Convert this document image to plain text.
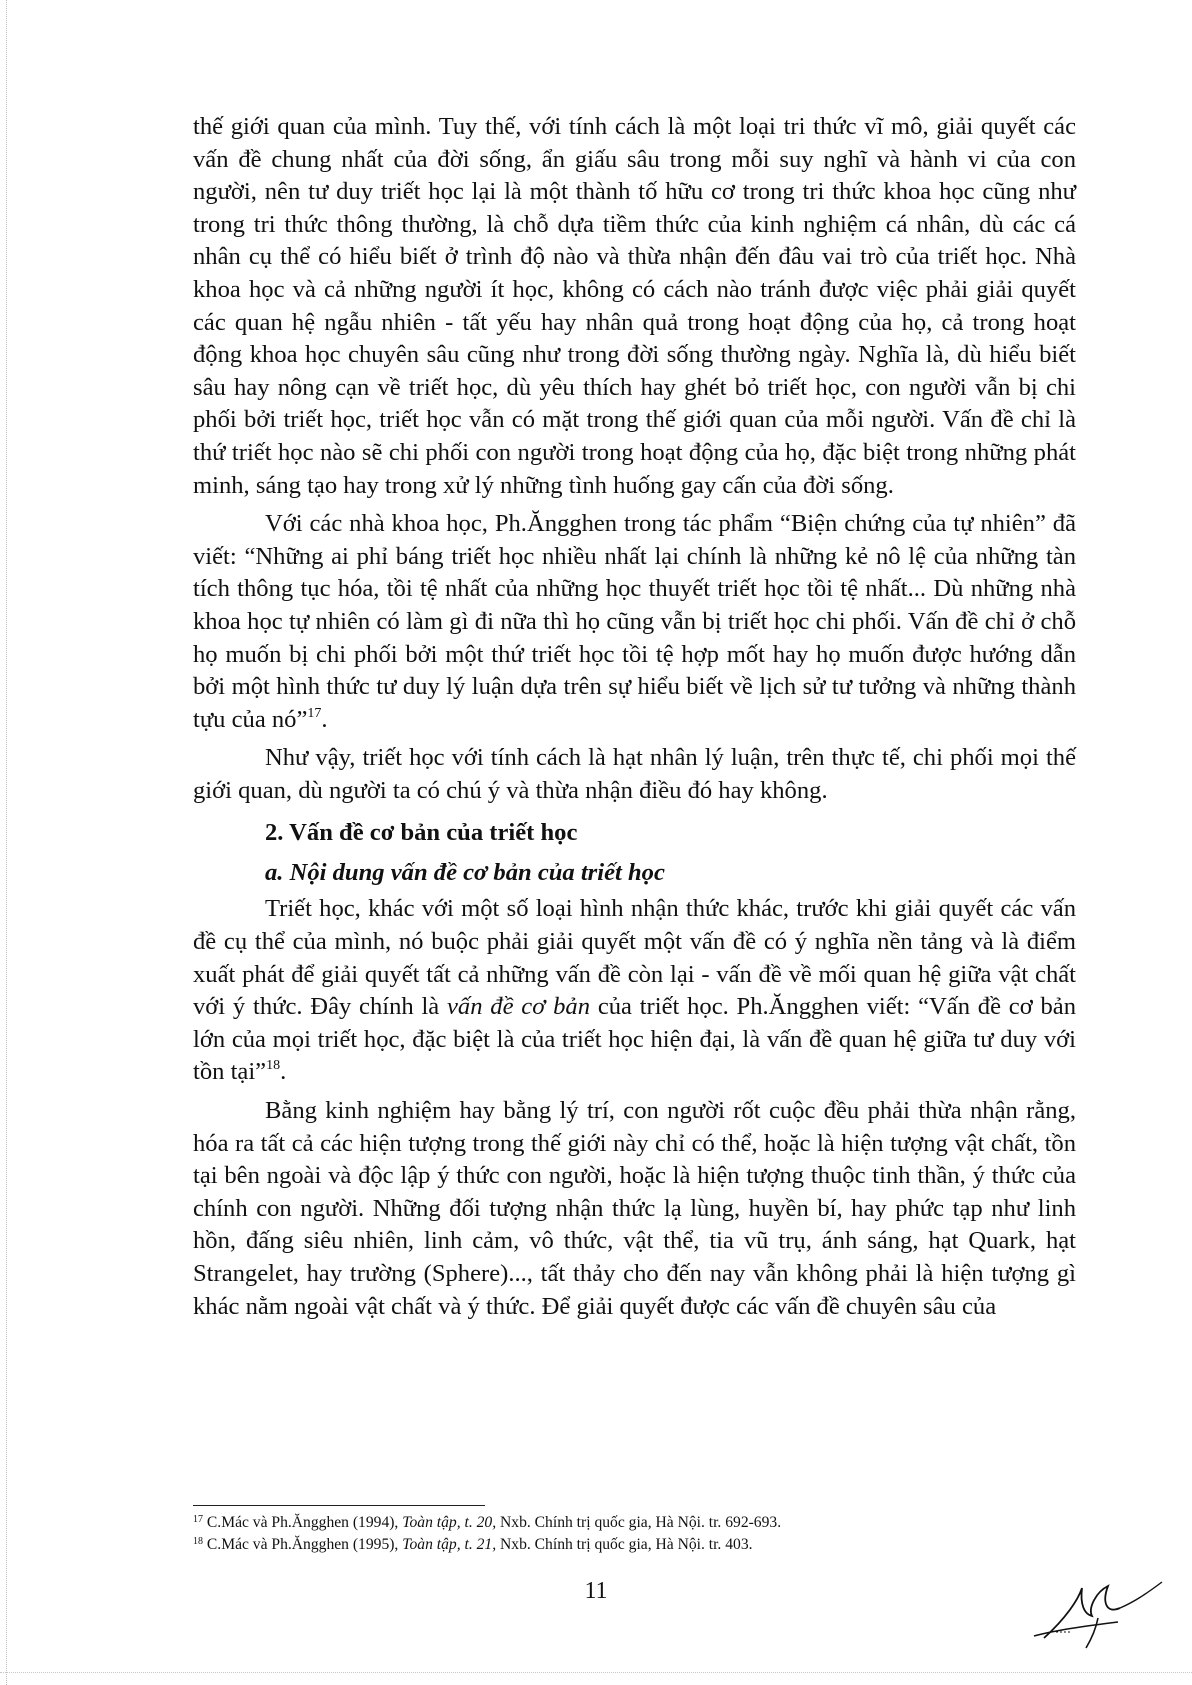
thế giới quan của mình. Tuy thế, với tính cách là một loại tri thức vĩ mô, giải quyết các vấn đề chung nhất của đời sống, ẩn giấu sâu trong mỗi suy nghĩ và hành vi của con người, nên tư duy triết học lại là một thành tố hữu cơ trong tri thức khoa học cũng như trong tri thức thông thường, là chỗ dựa tiềm thức của kinh nghiệm cá nhân, dù các cá nhân cụ thể có hiểu biết ở trình độ nào và thừa nhận đến đâu vai trò của triết học. Nhà khoa học và cả những người ít học, không có cách nào tránh được việc phải giải quyết các quan hệ ngẫu nhiên - tất yếu hay nhân quả trong hoạt động của họ, cả trong hoạt động khoa học chuyên sâu cũng như trong đời sống thường ngày. Nghĩa là, dù hiểu biết sâu hay nông cạn về triết học, dù yêu thích hay ghét bỏ triết học, con người vẫn bị chi phối bởi triết học, triết học vẫn có mặt trong thế giới quan của mỗi người. Vấn đề chỉ là thứ triết học nào sẽ chi phối con người trong hoạt động của họ, đặc biệt trong những phát minh, sáng tạo hay trong xử lý những tình huống gay cấn của đời sống.

Với các nhà khoa học, Ph.Ăngghen trong tác phẩm “Biện chứng của tự nhiên” đã viết: “Những ai phỉ báng triết học nhiều nhất lại chính là những kẻ nô lệ của những tàn tích thông tục hóa, tồi tệ nhất của những học thuyết triết học tồi tệ nhất... Dù những nhà khoa học tự nhiên có làm gì đi nữa thì họ cũng vẫn bị triết học chi phối. Vấn đề chỉ ở chỗ họ muốn bị chi phối bởi một thứ triết học tồi tệ hợp mốt hay họ muốn được hướng dẫn bởi một hình thức tư duy lý luận dựa trên sự hiểu biết về lịch sử tư tưởng và những thành tựu của nó”$^{17}$.

Như vậy, triết học với tính cách là hạt nhân lý luận, trên thực tế, chi phối mọi thế giới quan, dù người ta có chú ý và thừa nhận điều đó hay không.

2. Vấn đề cơ bản của triết học
a. Nội dung vấn đề cơ bản của triết học

Triết học, khác với một số loại hình nhận thức khác, trước khi giải quyết các vấn đề cụ thể của mình, nó buộc phải giải quyết một vấn đề có ý nghĩa nền tảng và là điểm xuất phát để giải quyết tất cả những vấn đề còn lại - vấn đề về mối quan hệ giữa vật chất với ý thức. Đây chính là vấn đề cơ bản của triết học. Ph.Ăngghen viết: “Vấn đề cơ bản lớn của mọi triết học, đặc biệt là của triết học hiện đại, là vấn đề quan hệ giữa tư duy với tồn tại”$^{18}$.

Bằng kinh nghiệm hay bằng lý trí, con người rốt cuộc đều phải thừa nhận rằng, hóa ra tất cả các hiện tượng trong thế giới này chỉ có thể, hoặc là hiện tượng vật chất, tồn tại bên ngoài và độc lập ý thức con người, hoặc là hiện tượng thuộc tinh thần, ý thức của chính con người. Những đối tượng nhận thức lạ lùng, huyền bí, hay phức tạp như linh hồn, đấng siêu nhiên, linh cảm, vô thức, vật thể, tia vũ trụ, ánh sáng, hạt Quark, hạt Strangelet, hay trường (Sphere)..., tất thảy cho đến nay vẫn không phải là hiện tượng gì khác nằm ngoài vật chất và ý thức. Để giải quyết được các vấn đề chuyên sâu của

$^{17}$ C.Mác và Ph.Ăngghen (1994), Toàn tập, t. 20, Nxb. Chính trị quốc gia, Hà Nội. tr. 692-693.

$^{18}$ C.Mác và Ph.Ăngghen (1995), Toàn tập, t. 21, Nxb. Chính trị quốc gia, Hà Nội. tr. 403.

11
